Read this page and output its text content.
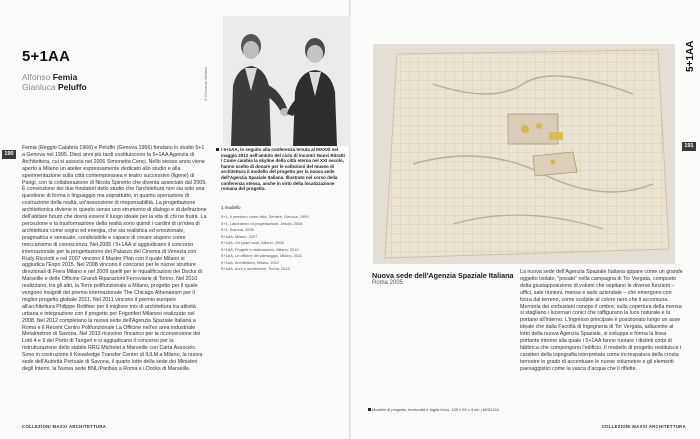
5+1AA
Alfonso Femia
Gianluca Peluffo
190
Femia (Reggio Calabria 1966) e Peluffo (Genova 1966) fondano lo studio 5+1 a Genova nel 1995. Dieci anni più tardi costituiscono la 5+1AA Agenzia di Architettura, cui si associa nel 2006 Simonetta Cenci. Nello stesso anno viene aperto a Milano un atelier espressamente dedicato allo studio e alla sperimentazione sulla città contemporanea e teatro successivo (ligene) di Parigi, con la collaborazione di Nicola Spinetto che diventa associato dal 2009. È convinzione dei due fondatori dello studio che l'architettura non sia solo una questione di forma o linguaggio ma soprattutto, in quanto operazione di costruzione della realtà, un'assunzione di responsabilità. La progettazione architettonica diviene in questo senso uno strumento di dialogo e di definizione dell'abitare futuro che dovrà essere il luogo ideale per la vita di chi ne fruirà. La percezione e la trasformazione della realtà sono quindi i cardini di un'idea di architettura come sogno ed energia, che sia realistica ed emozionale, pragmatica e sensuale, condivisibile e capace di creare stupore come meccanismo di conoscenza. Nel 2005 i 5+1AA si aggiudicano il concorso internazionale per la progettazione del Palazzo del Cinema di Venezia con Rudy Ricciotti e nel 2007 vincono il Master Plan con il quale Milano si aggiudica l'Expo 2015. Nel 2008 vincono il concorso per le nuove strutture direzionali di Fiera Milano e nel 2009 quelli per le riqualificazioni dei Docks di Marseille e delle Officine Grandi Riparazioni Ferroviarie di Torino. Nel 2010 realizzano, tra gli altri, la Torre polifunzionale a Milano, progetto per il quale vengono insigniti del premio internazionale The Chicago Athenaeum per il miglior progetto globale 2011. Nel 2011 vincono il premio europeo all'architettura Philippe Rotthier per il migliore mix di architettura tra attività urbana e integrazione con il progetto per Frigoriferi Milanesi realizzato nel 2008. Nel 2012 completano la nuova sede dell'Agenzia Spaziale Italiana a Roma e il Recent Centro Polifunzionale La Officine nell'ex area industriale Metalmetron di Savona. Nel 2013 ricevono l'incarico per la riconversione dei Lotti 4 e 9 del Porto di Tangeri e si aggiudicano il concorso per la ristrutturazione dello stabile RRG Michelet a Marseille con Carta Associés. Sono in costruzione il Knowledge Transfer Center di IULM a Milano, la nuova sede dell'Autorità Portuale di Savona, il quarto lotto della sede dei Ministeri degli Interni, la Nuova sede BNL/Paribas a Roma e i Docks di Marseille.
© Giovanni Martino
i 5+1AA, in seguito alla conferenza tenuta al MAXXI nel maggio 2012 nell'ambito del ciclo di incontri Nuovi Ritratti / Come cambia la skyline della città eterna nel XXI secolo, hanno scelto di donare per le collezioni del museo di architettura il modello del progetto per la nuova sede dell'Agenzia Spaziale Italiana. Illustrato nel corso della conferenza stessa, anche in virtù della localizzazione romana del progetto.
1 modello

5+1, Il pensiero come città, Sentieri, Genova, 1999

5+1, Laboratorio di progettazione, Jesolo, 2004

5+1, Savona, 2006

5+1AA, Milano, 2007

5+1AA, Gli spazi vuoti, Milano, 2008

5+1AA, Progetti e realizzazioni, Milano, 2010

5+1AA, Le officine del paesaggio, Milano, 2011

5+1AA, Architettura, Milano, 2012

5+1AA, Anni e architetture, Roma, 2013

COLLEZIONI MAXXI ARCHITETTURA
5+1AA
191
Nuova sede dell'Agenzia Spaziale Italiana
Roma 2005
Modello di progetto, terracotta e foglia d'oro, 135 x 90 x 3 cm | MOD124
La nuova sede dell'Agenzia Spaziale Italiana appare come un grande oggetto isolato, "posato" nella campagna di Tor Vergata, composto della giustapposizione di volumi che ospitano le diverse funzioni – uffici, sale riunioni, mensa e asilo aziendale – che emergono con forza dal terreno, come scolpite al colore nero che li accomuna. Memoria dei corbusiani conopo il ombre, sulla copertura della mensa si stagliano i lucernari conici che raffigurano la luce naturale e la portano all'interno. L'ingresso principale è posizionato lungo un asse ideale che dalla Facoltà di Ingegneria di Tor Vergata, adiacente al lotto della nuova Agenzia Spaziale, si sviluppa e forma la linea portante intorno alla quale i 5+1AA fanno ruotare i distinti corpi di fabbrica che compongono l'edificio. Il modello di progetto restituisce i caratteri della topografia interpretata come increspatura della crosta terrestre in grado di accentuare le nuove volumetrie e gli elementi paesaggistici come la vasca d'acqua che li riflette.
COLLEZIONI MAXXI ARCHITETTURA
